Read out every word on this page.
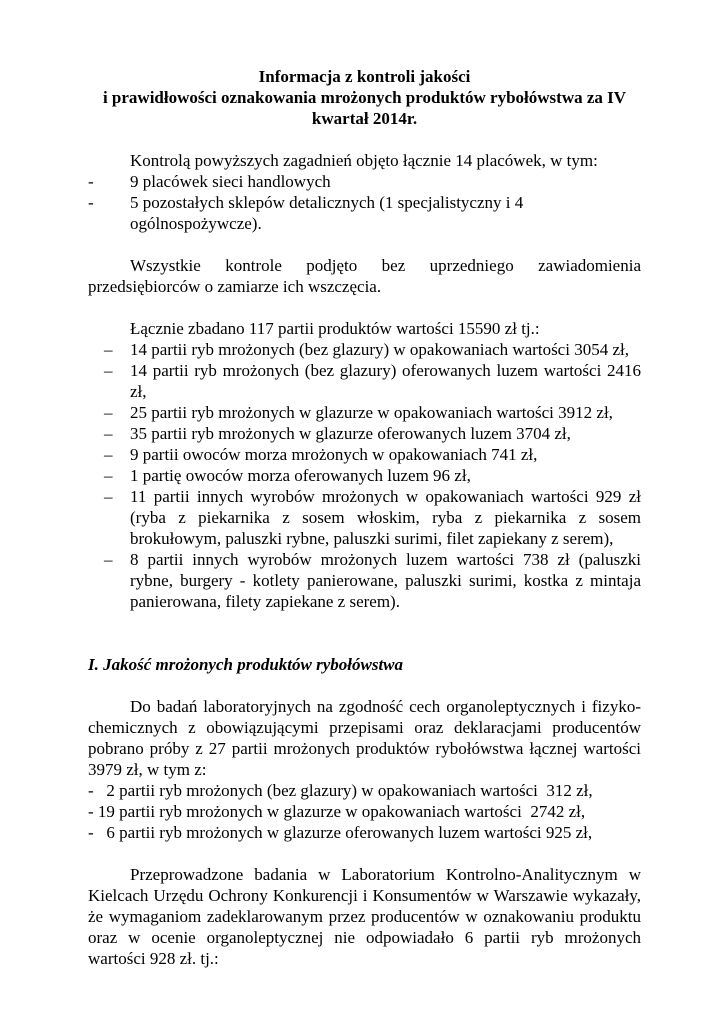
Informacja z kontroli jakości

i prawidłowości oznakowania mrożonych produktów rybołówstwa za IV

kwartał 2014r.

Kontrolą powyższych zagadnień objęto łącznie 14 placówek, w tym:

- 9 placówek sieci handlowych
- 5 pozostałych sklepów detalicznych (1 specjalistyczny i 4 ogólnospożywcze).

Wszystkie kontrole podjęto bez uprzedniego zawiadomienia przedsiębiorców o zamiarze ich wszczęcia.

Łącznie zbadano 117 partii produktów wartości 15590 zł tj.:

– 14 partii ryb mrożonych (bez glazury) w opakowaniach wartości 3054 zł,
– 14 partii ryb mrożonych (bez glazury) oferowanych luzem wartości 2416 zł,
– 25 partii ryb mrożonych w glazurze w opakowaniach wartości 3912 zł,
– 35 partii ryb mrożonych w glazurze oferowanych luzem 3704 zł,
– 9 partii owoców morza mrożonych w opakowaniach 741 zł,
– 1 partię owoców morza oferowanych luzem 96 zł,
– 11 partii innych wyrobów mrożonych w opakowaniach wartości 929 zł (ryba z piekarnika z sosem włoskim, ryba z piekarnika z sosem brokułowym, paluszki rybne, paluszki surimi, filet zapiekany z serem),
– 8 partii innych wyrobów mrożonych luzem wartości 738 zł (paluszki rybne, burgery - kotlety panierowane, paluszki surimi, kostka z mintaja panierowana, filety zapiekane z serem).

I. Jakość mrożonych produktów rybołówstwa

Do badań laboratoryjnych na zgodność cech organoleptycznych i fizyko-chemicznych z obowiązującymi przepisami oraz deklaracjami producentów pobrano próby z 27 partii mrożonych produktów rybołówstwa łącznej wartości 3979 zł, w tym z:

-   2 partii ryb mrożonych (bez glazury) w opakowaniach wartości  312 zł,
- 19 partii ryb mrożonych w glazurze w opakowaniach wartości  2742 zł,
-   6 partii ryb mrożonych w glazurze oferowanych luzem wartości 925 zł,

Przeprowadzone badania w Laboratorium Kontrolno-Analitycznym w Kielcach Urzędu Ochrony Konkurencji i Konsumentów w Warszawie wykazały, że wymaganiom zadeklarowanym przez producentów w oznakowaniu produktu oraz w ocenie organoleptycznej nie odpowiadało 6 partii ryb mrożonych wartości 928 zł. tj.:
